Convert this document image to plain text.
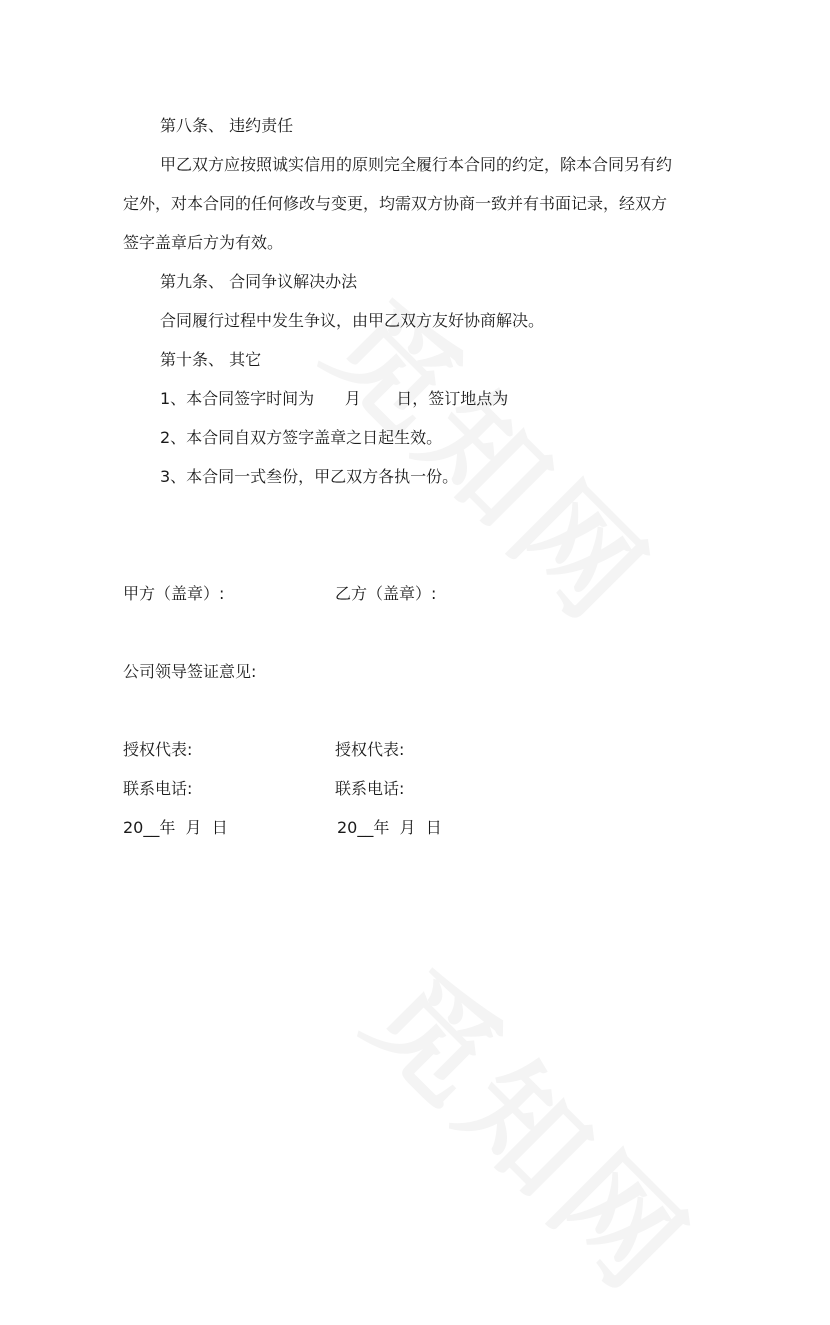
第八条、 违约责任
甲乙双方应按照诚实信用的原则完全履行本合同的约定，除本合同另有约
定外，对本合同的任何修改与变更，均需双方协商一致并有书面记录，经双方
签字盖章后方为有效。
第九条、 合同争议解决办法
合同履行过程中发生争议，由甲乙双方友好协商解决。
第十条、 其它
1、本合同签字时间为      月       日，签订地点为
2、本合同自双方签字盖章之日起生效。
3、本合同一式叁份，甲乙双方各执一份。
甲方（盖章）:	乙方（盖章）:
公司领导签证意见:
授权代表:	授权代表:
联系电话:	联系电话:
20__年  月  日	20__年  月  日
